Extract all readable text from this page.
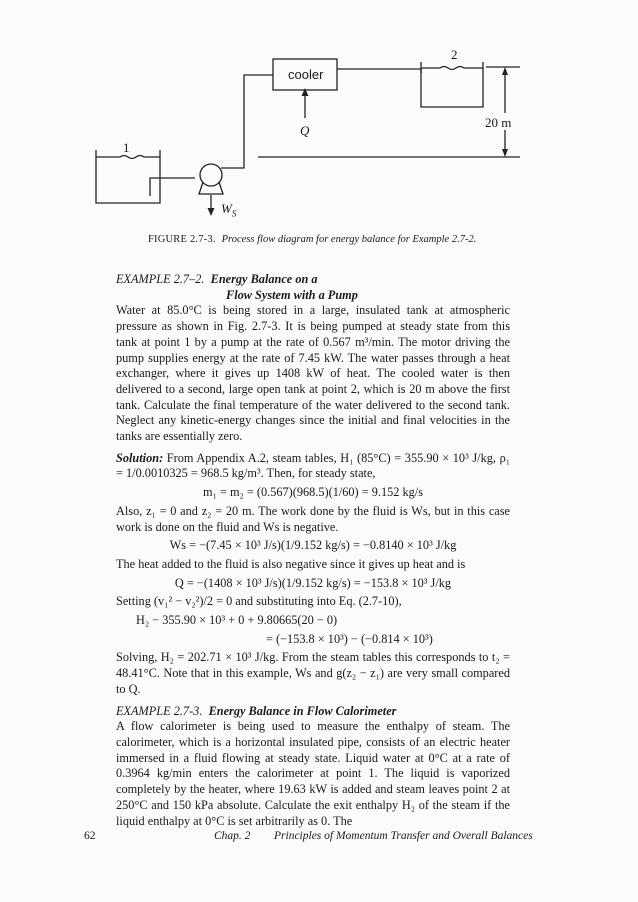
cooler
1
2
Q
20 m
$W_S$
FIGURE 2.7-3. Process flow diagram for energy balance for Example 2.7-2.
EXAMPLE 2.7–2. Energy Balance on a
Flow System with a Pump

Water at 85.0°C is being stored in a large, insulated tank at atmospheric pressure as shown in Fig. 2.7-3. It is being pumped at steady state from this tank at point 1 by a pump at the rate of 0.567 m³/min. The motor driving the pump supplies energy at the rate of 7.45 kW. The water passes through a heat exchanger, where it gives up 1408 kW of heat. The cooled water is then delivered to a second, large open tank at point 2, which is 20 m above the first tank. Calculate the final temperature of the water delivered to the second tank. Neglect any kinetic-energy changes since the initial and final velocities in the tanks are essentially zero.

Solution: From Appendix A.2, steam tables, H₁ (85°C) = 355.90 × 10³ J/kg, ρ₁ = 1/0.0010325 = 968.5 kg/m³. Then, for steady state,

m₁ = m₂ = (0.567)(968.5)(1/60) = 9.152 kg/s

Also, z₁ = 0 and z₂ = 20 m. The work done by the fluid is Ws, but in this case work is done on the fluid and Ws is negative.

Ws = −(7.45 × 10³ J/s)(1/9.152 kg/s) = −0.8140 × 10³ J/kg

The heat added to the fluid is also negative since it gives up heat and is

Q = −(1408 × 10³ J/s)(1/9.152 kg/s) = −153.8 × 10³ J/kg

Setting (v₁² − v₂²)/2 = 0 and substituting into Eq. (2.7-10),

H₂ − 355.90 × 10³ + 0 + 9.80665(20 − 0)
= (−153.8 × 10³) − (−0.814 × 10³)

Solving, H₂ = 202.71 × 10³ J/kg. From the steam tables this corresponds to t₂ = 48.41°C. Note that in this example, Ws and g(z₂ − z₁) are very small compared to Q.

EXAMPLE 2.7-3. Energy Balance in Flow Calorimeter

A flow calorimeter is being used to measure the enthalpy of steam. The calorimeter, which is a horizontal insulated pipe, consists of an electric heater immersed in a fluid flowing at steady state. Liquid water at 0°C at a rate of 0.3964 kg/min enters the calorimeter at point 1. The liquid is vaporized completely by the heater, where 19.63 kW is added and steam leaves point 2 at 250°C and 150 kPa absolute. Calculate the exit enthalpy H₂ of the steam if the liquid enthalpy at 0°C is set arbitrarily as 0. The

62	Chap. 2 Principles of Momentum Transfer and Overall Balances
